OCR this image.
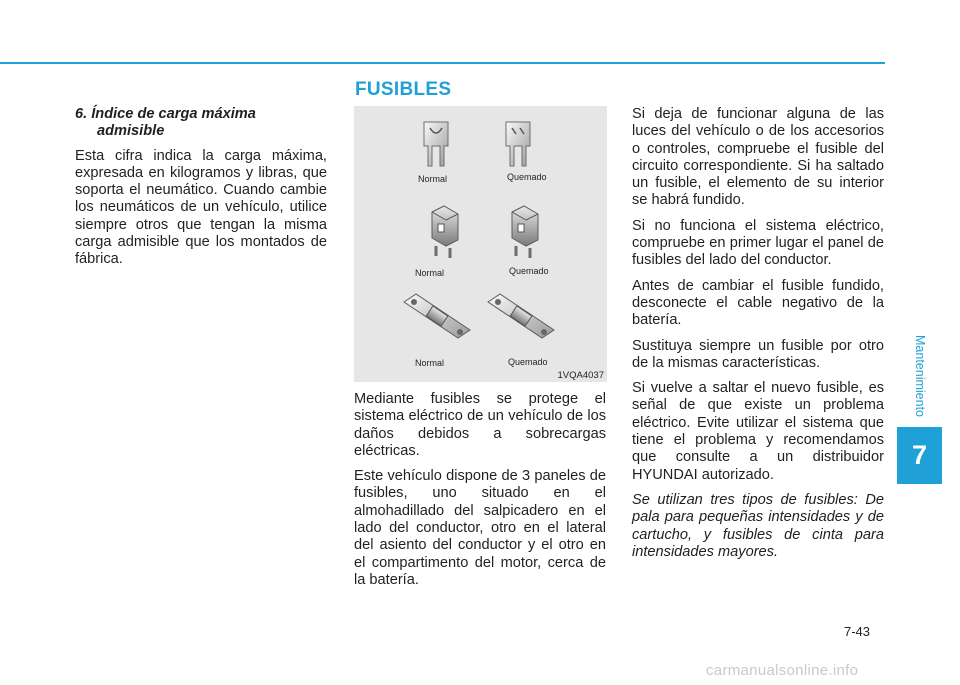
FUSIBLES

6. Índice de carga máxima admisible

Esta cifra indica la carga máxima, expresada en kilogramos y libras, que soporta el neumático. Cuando cambie los neumáticos de un vehículo, utilice siempre otros que tengan la misma carga admisible que los montados de fábrica.

Normal	Quemado
Normal	Quemado
Normal	Quemado
1VQA4037

Mediante fusibles se protege el sistema eléctrico de un vehículo de los daños debidos a sobrecargas eléctricas.

Este vehículo dispone de 3 paneles de fusibles, uno situado en el almohadillado del salpicadero en el lado del conductor, otro en el lateral del asiento del conductor y el otro en el compartimento del motor, cerca de la batería.

Si deja de funcionar alguna de las luces del vehículo o de los accesorios o controles, compruebe el fusible del circuito correspondiente. Si ha saltado un fusible, el elemento de su interior se habrá fundido.

Si no funciona el sistema eléctrico, compruebe en primer lugar el panel de fusibles del lado del conductor.

Antes de cambiar el fusible fundido, desconecte el cable negativo de la batería.

Sustituya siempre un fusible por otro de la mismas características.

Si vuelve a saltar el nuevo fusible, es señal de que existe un problema eléctrico. Evite utilizar el sistema que tiene el problema y recomendamos que consulte a un distribuidor HYUNDAI autorizado.

Se utilizan tres tipos de fusibles: De pala para pequeñas intensidades y de cartucho, y fusibles de cinta para intensidades mayores.

Mantenimiento
7
7-43
carmanualsonline.info
